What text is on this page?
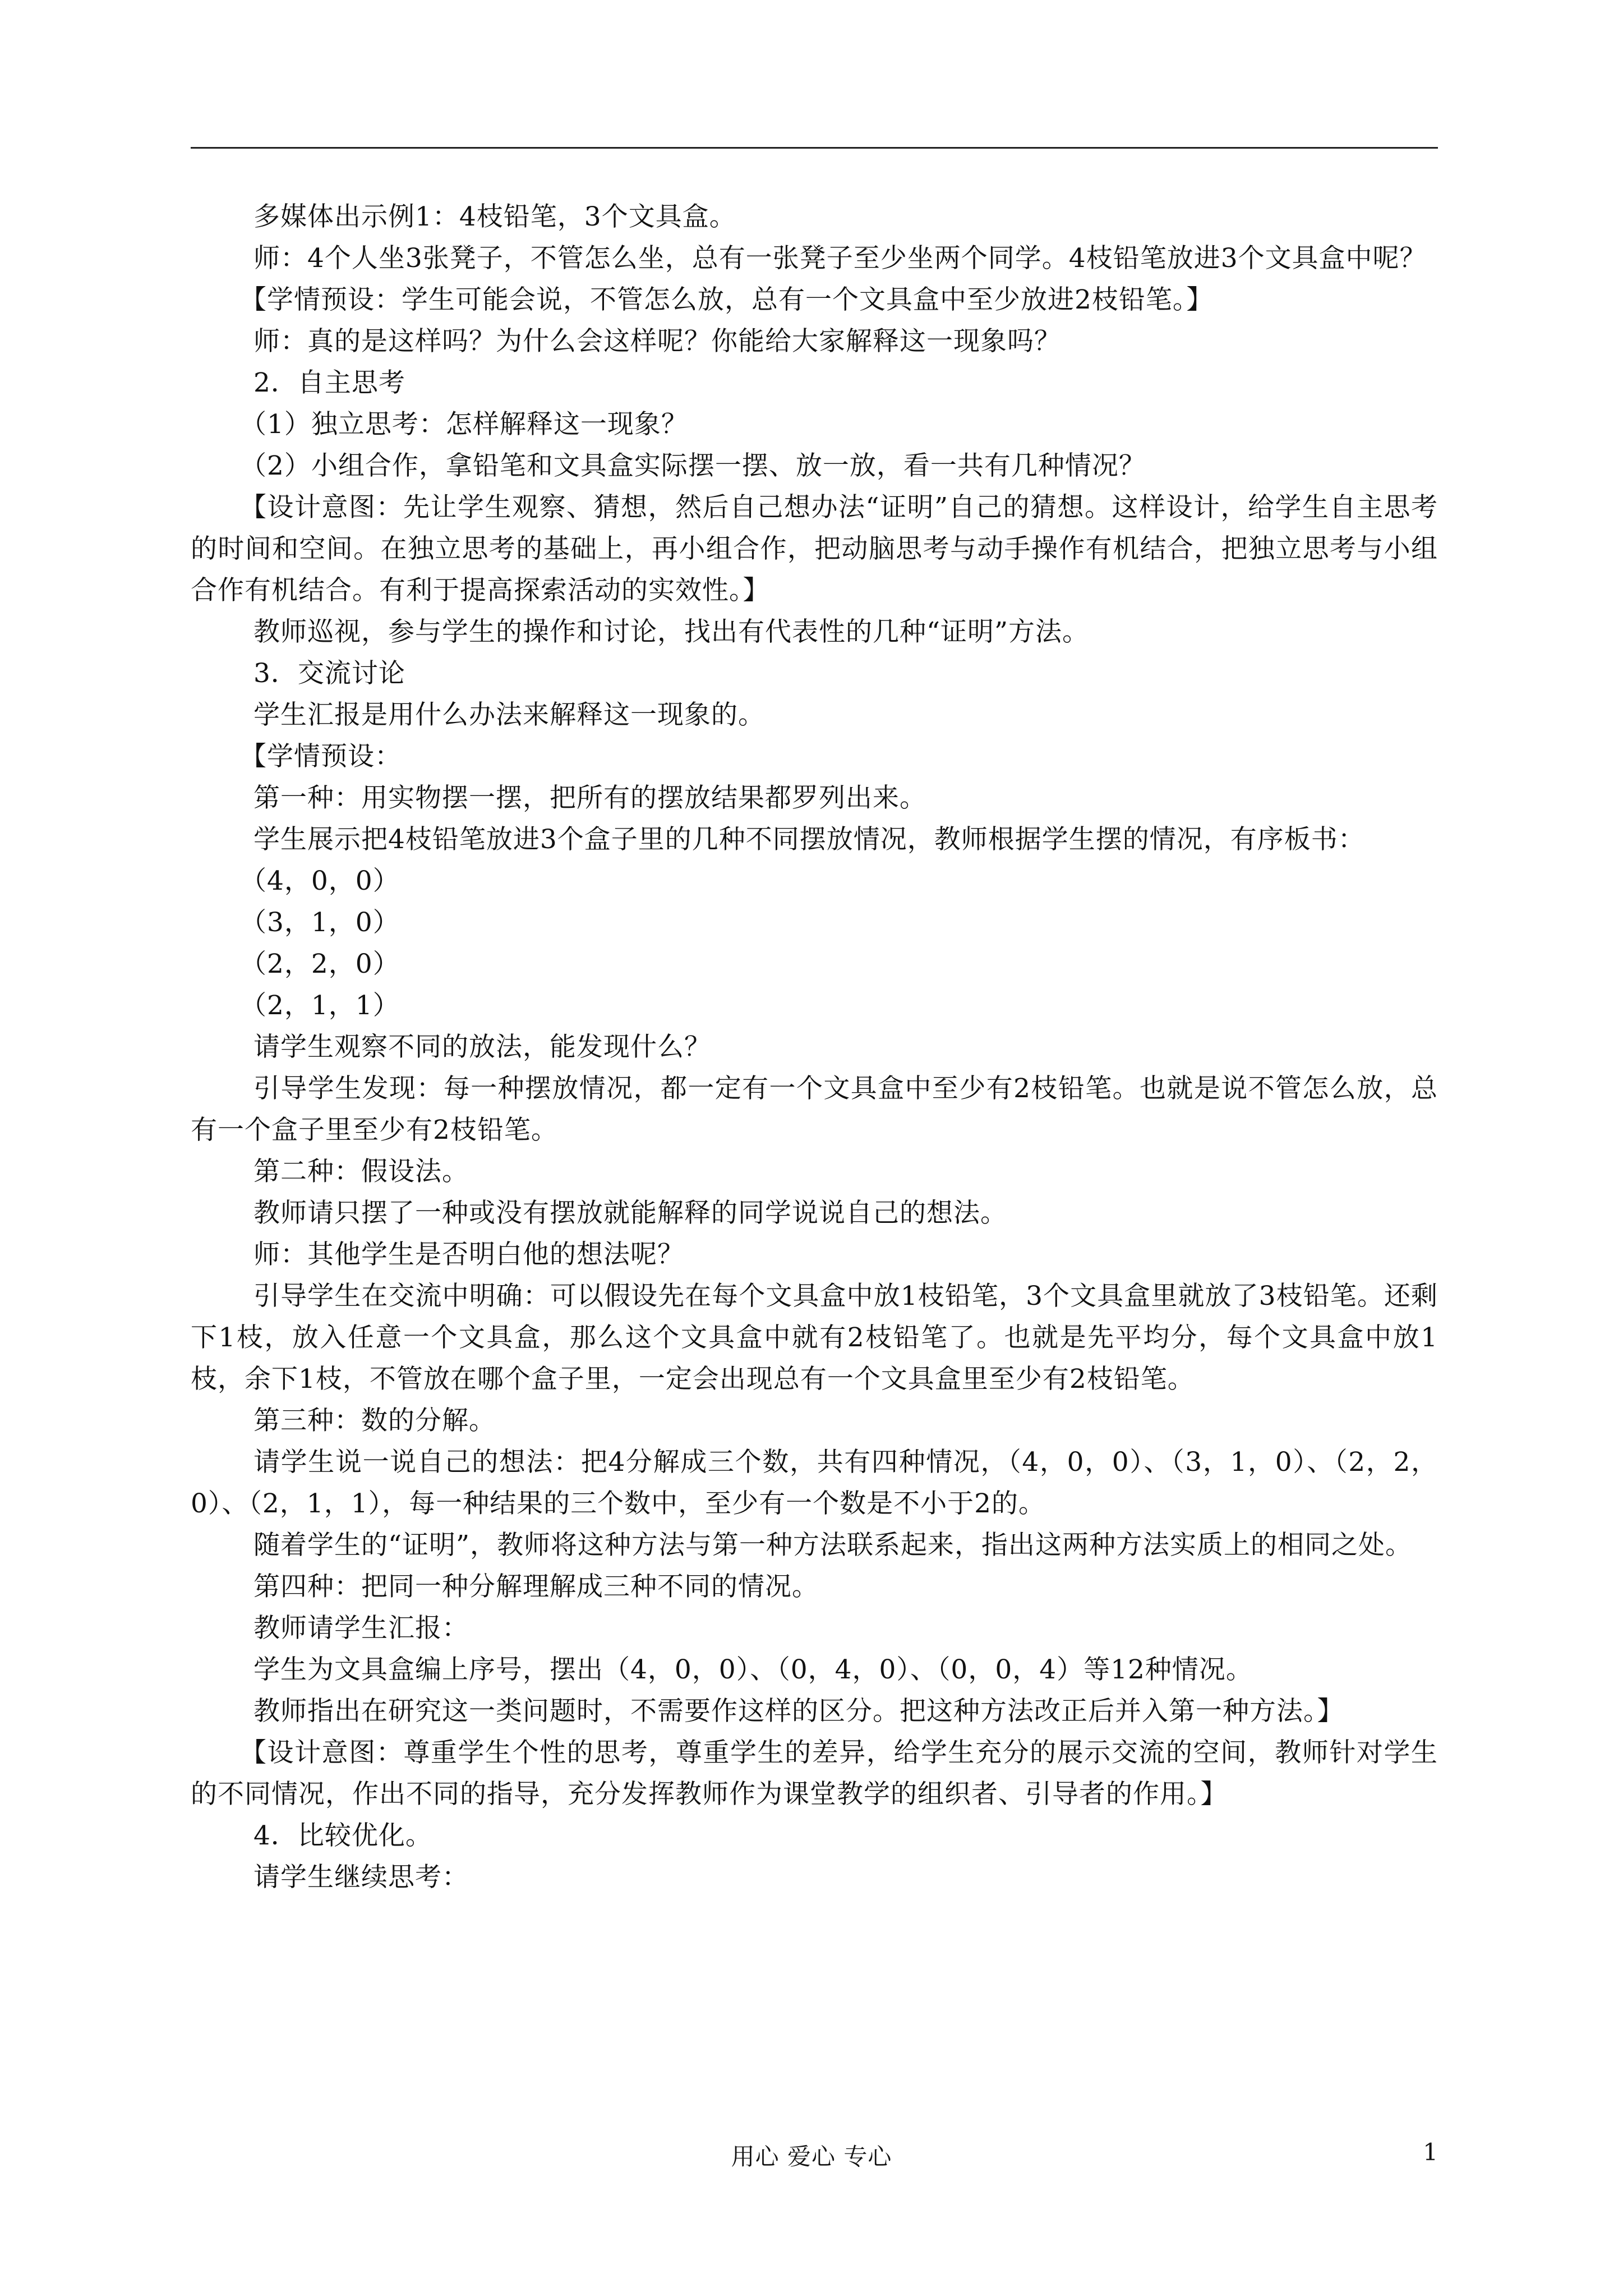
多媒体出示例1：4枝铅笔，3个文具盒。

师：4个人坐3张凳子，不管怎么坐，总有一张凳子至少坐两个同学。4枝铅笔放进3个文具盒中呢？

【学情预设：学生可能会说，不管怎么放，总有一个文具盒中至少放进2枝铅笔。】

师：真的是这样吗？为什么会这样呢？你能给大家解释这一现象吗？

2．自主思考

（1）独立思考：怎样解释这一现象？

（2）小组合作，拿铅笔和文具盒实际摆一摆、放一放，看一共有几种情况？

【设计意图：先让学生观察、猜想，然后自己想办法“证明”自己的猜想。这样设计，给学生自主思考的时间和空间。在独立思考的基础上，再小组合作，把动脑思考与动手操作有机结合，把独立思考与小组合作有机结合。有利于提高探索活动的实效性。】

教师巡视，参与学生的操作和讨论，找出有代表性的几种“证明”方法。

3．交流讨论

学生汇报是用什么办法来解释这一现象的。

【学情预设：

第一种：用实物摆一摆，把所有的摆放结果都罗列出来。

学生展示把4枝铅笔放进3个盒子里的几种不同摆放情况，教师根据学生摆的情况，有序板书：

（4，0，0）

（3，1，0）

（2，2，0）

（2，1，1）

请学生观察不同的放法，能发现什么？

引导学生发现：每一种摆放情况，都一定有一个文具盒中至少有2枝铅笔。也就是说不管怎么放，总有一个盒子里至少有2枝铅笔。

第二种：假设法。

教师请只摆了一种或没有摆放就能解释的同学说说自己的想法。

师：其他学生是否明白他的想法呢？

引导学生在交流中明确：可以假设先在每个文具盒中放1枝铅笔，3个文具盒里就放了3枝铅笔。还剩下1枝，放入任意一个文具盒，那么这个文具盒中就有2枝铅笔了。也就是先平均分，每个文具盒中放1枝，余下1枝，不管放在哪个盒子里，一定会出现总有一个文具盒里至少有2枝铅笔。

第三种：数的分解。

请学生说一说自己的想法：把4分解成三个数，共有四种情况，（4，0，0）、（3，1，0）、（2，2，0）、（2，1，1），每一种结果的三个数中，至少有一个数是不小于2的。

随着学生的“证明”，教师将这种方法与第一种方法联系起来，指出这两种方法实质上的相同之处。

第四种：把同一种分解理解成三种不同的情况。

教师请学生汇报：

学生为文具盒编上序号，摆出（4，0，0）、（0，4，0）、（0，0，4）等12种情况。

教师指出在研究这一类问题时，不需要作这样的区分。把这种方法改正后并入第一种方法。】

【设计意图：尊重学生个性的思考，尊重学生的差异，给学生充分的展示交流的空间，教师针对学生的不同情况，作出不同的指导，充分发挥教师作为课堂教学的组织者、引导者的作用。】

4．比较优化。

请学生继续思考：

用心 爱心 专心	1
